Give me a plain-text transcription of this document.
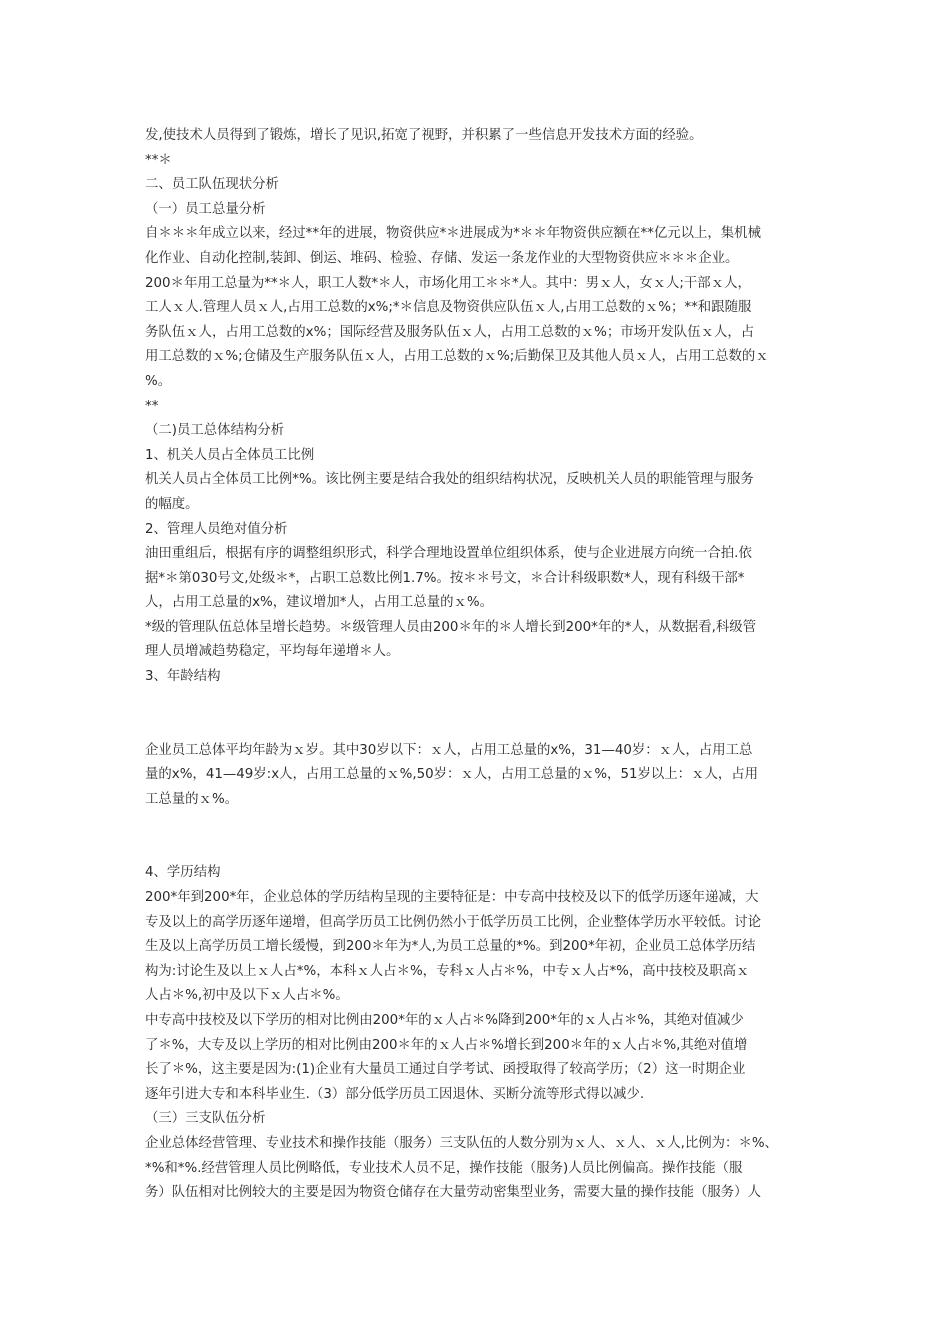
发,使技术人员得到了锻炼，增长了见识,拓宽了视野，并积累了一些信息开发技术方面的经验。
**＊
二、员工队伍现状分析
（一）员工总量分析
自＊＊＊年成立以来，经过**年的进展，物资供应*＊进展成为*＊＊年物资供应额在**亿元以上，集机械
化作业、自动化控制,装卸、倒运、堆码、检验、存储、发运一条龙作业的大型物资供应＊＊＊企业。
200＊年用工总量为**＊人，职工人数*＊人，市场化用工＊＊*人。其中：男ｘ人，女ｘ人;干部ｘ人，
工人ｘ人.管理人员ｘ人,占用工总数的x%;*＊信息及物资供应队伍ｘ人,占用工总数的ｘ%；**和跟随服
务队伍ｘ人，占用工总数的x%；国际经营及服务队伍ｘ人，占用工总数的ｘ%；市场开发队伍ｘ人，占
用工总数的ｘ%;仓储及生产服务队伍ｘ人，占用工总数的ｘ%;后勤保卫及其他人员ｘ人，占用工总数的ｘ
%。
**
（二)员工总体结构分析
1、机关人员占全体员工比例
机关人员占全体员工比例*%。该比例主要是结合我处的组织结构状况，反映机关人员的职能管理与服务
的幅度。
2、管理人员绝对值分析
油田重组后，根据有序的调整组织形式，科学合理地设置单位组织体系，使与企业进展方向统一合拍.依
据*＊第030号文,处级＊*，占职工总数比例1.7%。按＊＊号文，＊合计科级职数*人，现有科级干部*
人，占用工总量的x%，建议增加*人，占用工总量的ｘ%。
*级的管理队伍总体呈增长趋势。＊级管理人员由200＊年的＊人增长到200*年的*人，从数据看,科级管
理人员增减趋势稳定，平均每年递增＊人。
3、年龄结构
企业员工总体平均年龄为ｘ岁。其中30岁以下：ｘ人，占用工总量的x%，31—40岁：ｘ人，占用工总
量的x%，41—49岁:x人，占用工总量的ｘ%,50岁：ｘ人，占用工总量的ｘ%，51岁以上：ｘ人，占用
工总量的ｘ%。
4、学历结构
200*年到200*年，企业总体的学历结构呈现的主要特征是：中专高中技校及以下的低学历逐年递减，大
专及以上的高学历逐年递增，但高学历员工比例仍然小于低学历员工比例，企业整体学历水平较低。讨论
生及以上高学历员工增长缓慢，到200＊年为*人,为员工总量的*%。到200*年初，企业员工总体学历结
构为:讨论生及以上ｘ人占*%，本科ｘ人占＊%，专科ｘ人占＊%，中专ｘ人占*%，高中技校及职高ｘ
人占＊%,初中及以下ｘ人占＊%。
中专高中技校及以下学历的相对比例由200*年的ｘ人占＊%降到200*年的ｘ人占＊%，其绝对值减少
了＊%，大专及以上学历的相对比例由200＊年的ｘ人占＊%增长到200＊年的ｘ人占＊%,其绝对值增
长了＊%，这主要是因为:(1)企业有大量员工通过自学考试、函授取得了较高学历；（2）这一时期企业
逐年引进大专和本科毕业生.（3）部分低学历员工因退休、买断分流等形式得以减少.
（三）三支队伍分析
企业总体经营管理、专业技术和操作技能（服务）三支队伍的人数分别为ｘ人、ｘ人、ｘ人,比例为：＊%、
*%和*%.经营管理人员比例略低，专业技术人员不足，操作技能（服务)人员比例偏高。操作技能（服
务）队伍相对比例较大的主要是因为物资仓储存在大量劳动密集型业务，需要大量的操作技能（服务）人
